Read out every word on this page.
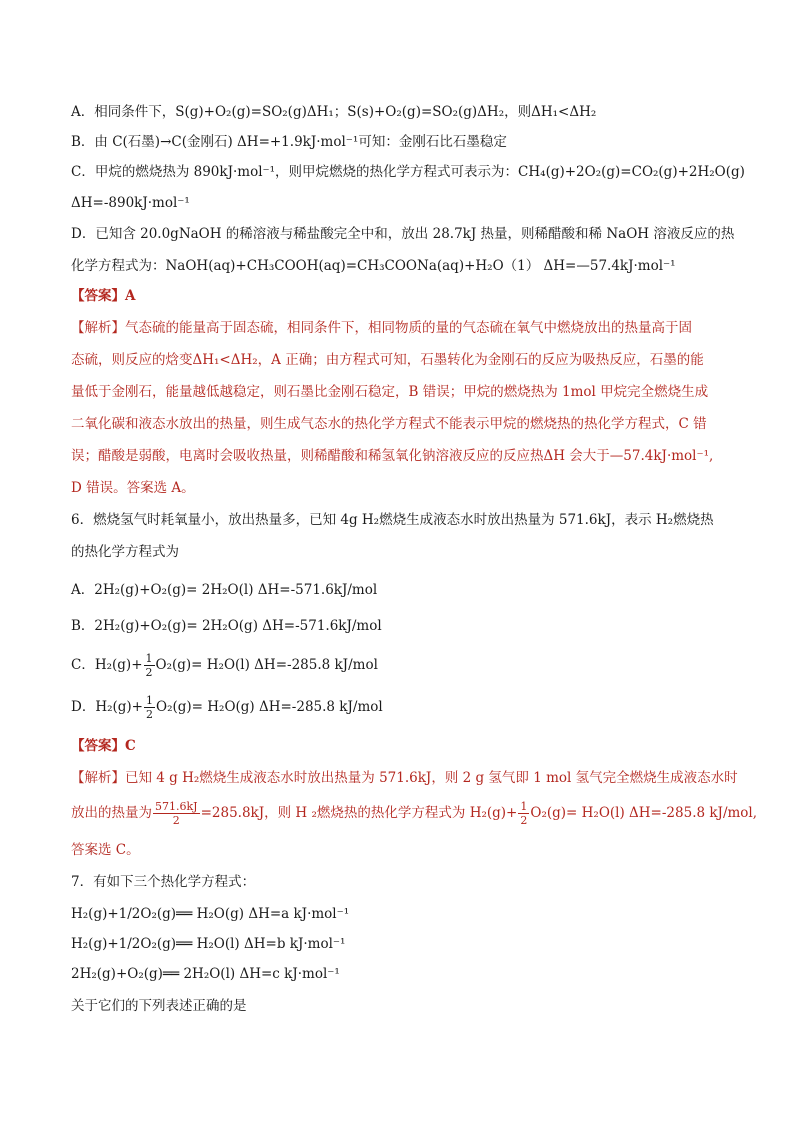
A．相同条件下，S(g)+O₂(g)=SO₂(g)ΔH₁；S(s)+O₂(g)=SO₂(g)ΔH₂，则ΔH₁<ΔH₂
B．由 C(石墨)→C(金刚石) ΔH=+1.9kJ·mol⁻¹可知：金刚石比石墨稳定
C．甲烷的燃烧热为 890kJ·mol⁻¹，则甲烷燃烧的热化学方程式可表示为：CH₄(g)+2O₂(g)=CO₂(g)+2H₂O(g)
ΔH=-890kJ·mol⁻¹
D．已知含 20.0gNaOH 的稀溶液与稀盐酸完全中和，放出 28.7kJ 热量，则稀醋酸和稀 NaOH 溶液反应的热
化学方程式为：NaOH(aq)+CH₃COOH(aq)=CH₃COONa(aq)+H₂O（1） ΔH=—57.4kJ·mol⁻¹
【答案】A
【解析】气态硫的能量高于固态硫，相同条件下，相同物质的量的气态硫在氧气中燃烧放出的热量高于固
态硫，则反应的焓变ΔH₁<ΔH₂，A 正确；由方程式可知，石墨转化为金刚石的反应为吸热反应，石墨的能
量低于金刚石，能量越低越稳定，则石墨比金刚石稳定，B 错误；甲烷的燃烧热为 1mol 甲烷完全燃烧生成
二氧化碳和液态水放出的热量，则生成气态水的热化学方程式不能表示甲烷的燃烧热的热化学方程式，C 错
误；醋酸是弱酸，电离时会吸收热量，则稀醋酸和稀氢氧化钠溶液反应的反应热ΔH 会大于—57.4kJ·mol⁻¹,
D 错误。答案选 A。
6．燃烧氢气时耗氧量小，放出热量多，已知 4g H₂燃烧生成液态水时放出热量为 571.6kJ，表示 H₂燃烧热
的热化学方程式为
A．2H₂(g)+O₂(g)= 2H₂O(l) ΔH=-571.6kJ/mol
B．2H₂(g)+O₂(g)= 2H₂O(g) ΔH=-571.6kJ/mol
C．$H_2(g)+ \frac{1}{2} O_2(g)= H_2O(l)$ ΔH=-285.8 kJ/mol
D．$H_2(g)+ \frac{1}{2} O_2(g)= H_2O(g)$ ΔH=-285.8 kJ/mol
【答案】C
【解析】已知 4 g H₂燃烧生成液态水时放出热量为 571.6kJ，则 2 g 氢气即 1 mol 氢气完全燃烧生成液态水时
放出的热量为 $\frac{571.6kJ}{2} =285.8kJ$，则 H ₂燃烧热的热化学方程式为 $H_2(g)+ \frac{1}{2} O_2(g)= H_2O(l)$ ΔH=-285.8 kJ/mol,
答案选 C。
7．有如下三个热化学方程式：
H₂(g)+1/2O₂(g)══ H₂O(g) ΔH=a kJ·mol⁻¹
H₂(g)+1/2O₂(g)══ H₂O(l) ΔH=b kJ·mol⁻¹
2H₂(g)+O₂(g)══ 2H₂O(l) ΔH=c kJ·mol⁻¹
关于它们的下列表述正确的是
